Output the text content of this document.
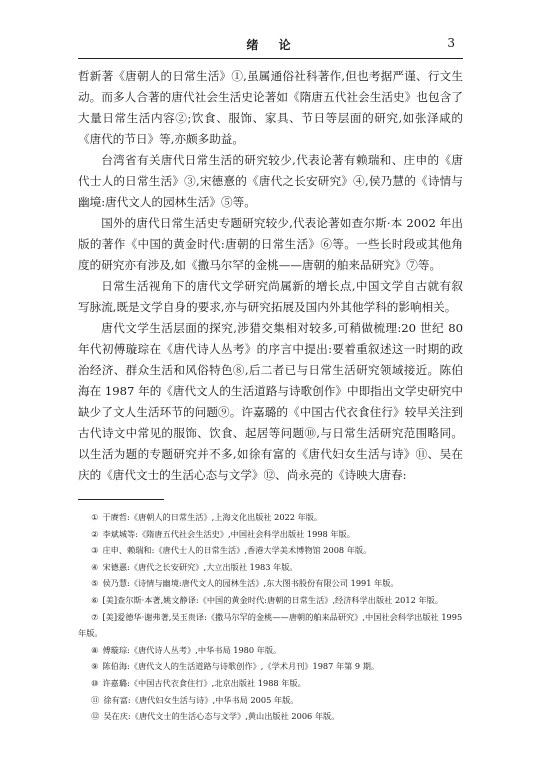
绪 论	3

哲新著《唐朝人的日常生活》①,虽属通俗社科著作,但也考据严谨、行文生动。而多人合著的唐代社会生活史论著如《隋唐五代社会生活史》也包含了大量日常生活内容②;饮食、服饰、家具、节日等层面的研究,如张泽咸的《唐代的节日》等,亦颇多助益。

台湾省有关唐代日常生活的研究较少,代表论著有赖瑞和、庄申的《唐代士人的日常生活》③,宋德憙的《唐代之长安研究》④,侯乃慧的《诗情与幽境:唐代文人的园林生活》⑤等。

国外的唐代日常生活史专题研究较少,代表论著如查尔斯·本 2002 年出版的著作《中国的黄金时代:唐朝的日常生活》⑥等。一些长时段或其他角度的研究亦有涉及,如《撒马尔罕的金桃——唐朝的舶来品研究》⑦等。

日常生活视角下的唐代文学研究尚属新的增长点,中国文学自古就有叙写脉流,既是文学自身的要求,亦与研究拓展及国内外其他学科的影响相关。

唐代文学生活层面的探究,涉猎交集相对较多,可稍做梳理:20 世纪 80 年代初傅璇琮在《唐代诗人丛考》的序言中提出:要着重叙述这一时期的政治经济、群众生活和风俗特色⑧,后二者已与日常生活研究领域接近。陈伯海在 1987 年的《唐代文人的生活道路与诗歌创作》中即指出文学史研究中缺少了文人生活环节的问题⑨。许嘉璐的《中国古代衣食住行》较早关注到古代诗文中常见的服饰、饮食、起居等问题⑩,与日常生活研究范围略同。以生活为题的专题研究并不多,如徐有富的《唐代妇女生活与诗》⑪、吴在庆的《唐代文士的生活心态与文学》⑫、尚永亮的《诗映大唐春:

① 于赓哲:《唐朝人的日常生活》,上海文化出版社 2022 年版。
② 李斌城等:《隋唐五代社会生活史》,中国社会科学出版社 1998 年版。
③ 庄申、赖瑞和:《唐代士人的日常生活》,香港大学美术博物馆 2008 年版。
④ 宋德憙:《唐代之长安研究》,大立出版社 1983 年版。
⑤ 侯乃慧:《诗情与幽境:唐代文人的园林生活》,东大图书股份有限公司 1991 年版。
⑥ [美]查尔斯·本著,姚文静译:《中国的黄金时代:唐朝的日常生活》,经济科学出版社 2012 年版。
⑦ [美]爱德华·谢弗著,吴玉贵译:《撒马尔罕的金桃——唐朝的舶来品研究》,中国社会科学出版社 1995 年版。
⑧ 傅璇琮:《唐代诗人丛考》,中华书局 1980 年版。
⑨ 陈伯海:《唐代文人的生活道路与诗歌创作》,《学术月刊》1987 年第 9 期。
⑩ 许嘉璐:《中国古代衣食住行》,北京出版社 1988 年版。
⑪ 徐有富:《唐代妇女生活与诗》,中华书局 2005 年版。
⑫ 吴在庆:《唐代文士的生活心态与文学》,黄山出版社 2006 年版。
